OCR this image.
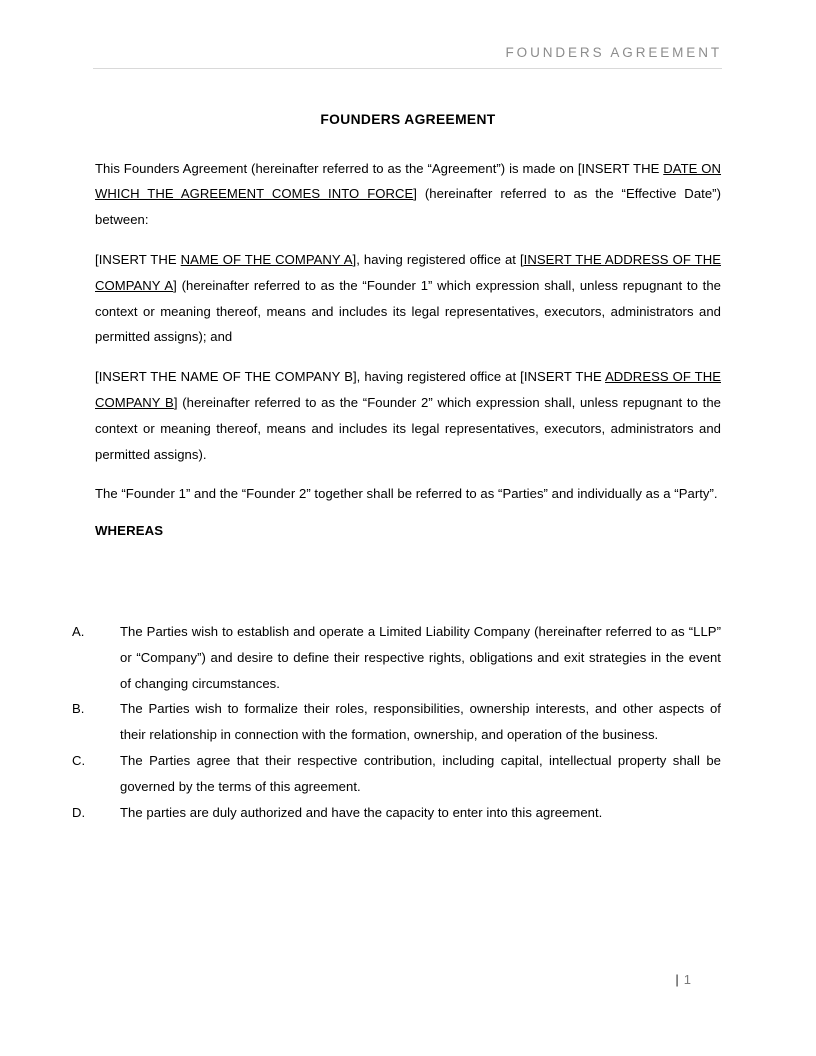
FOUNDERS AGREEMENT
FOUNDERS AGREEMENT

This Founders Agreement (hereinafter referred to as the “Agreement”) is made on [INSERT THE DATE ON WHICH THE AGREEMENT COMES INTO FORCE] (hereinafter referred to as the “Effective Date”) between:

[INSERT THE NAME OF THE COMPANY A], having registered office at [INSERT THE ADDRESS OF THE COMPANY A] (hereinafter referred to as the “Founder 1” which expression shall, unless repugnant to the context or meaning thereof, means and includes its legal representatives, executors, administrators and permitted assigns); and

[INSERT THE NAME OF THE COMPANY B], having registered office at [INSERT THE ADDRESS OF THE COMPANY B] (hereinafter referred to as the “Founder 2” which expression shall, unless repugnant to the context or meaning thereof, means and includes its legal representatives, executors, administrators and permitted assigns).

The “Founder 1” and the “Founder 2” together shall be referred to as “Parties” and individually as a “Party”.

WHEREAS
A.	The Parties wish to establish and operate a Limited Liability Company (hereinafter referred to as “LLP” or “Company”) and desire to define their respective rights, obligations and exit strategies in the event of changing circumstances.
B.	The Parties wish to formalize their roles, responsibilities, ownership interests, and other aspects of their relationship in connection with the formation, ownership, and operation of the business.
C.	The Parties agree that their respective contribution, including capital, intellectual property shall be governed by the terms of this agreement.
D.	The parties are duly authorized and have the capacity to enter into this agreement.
| 1
